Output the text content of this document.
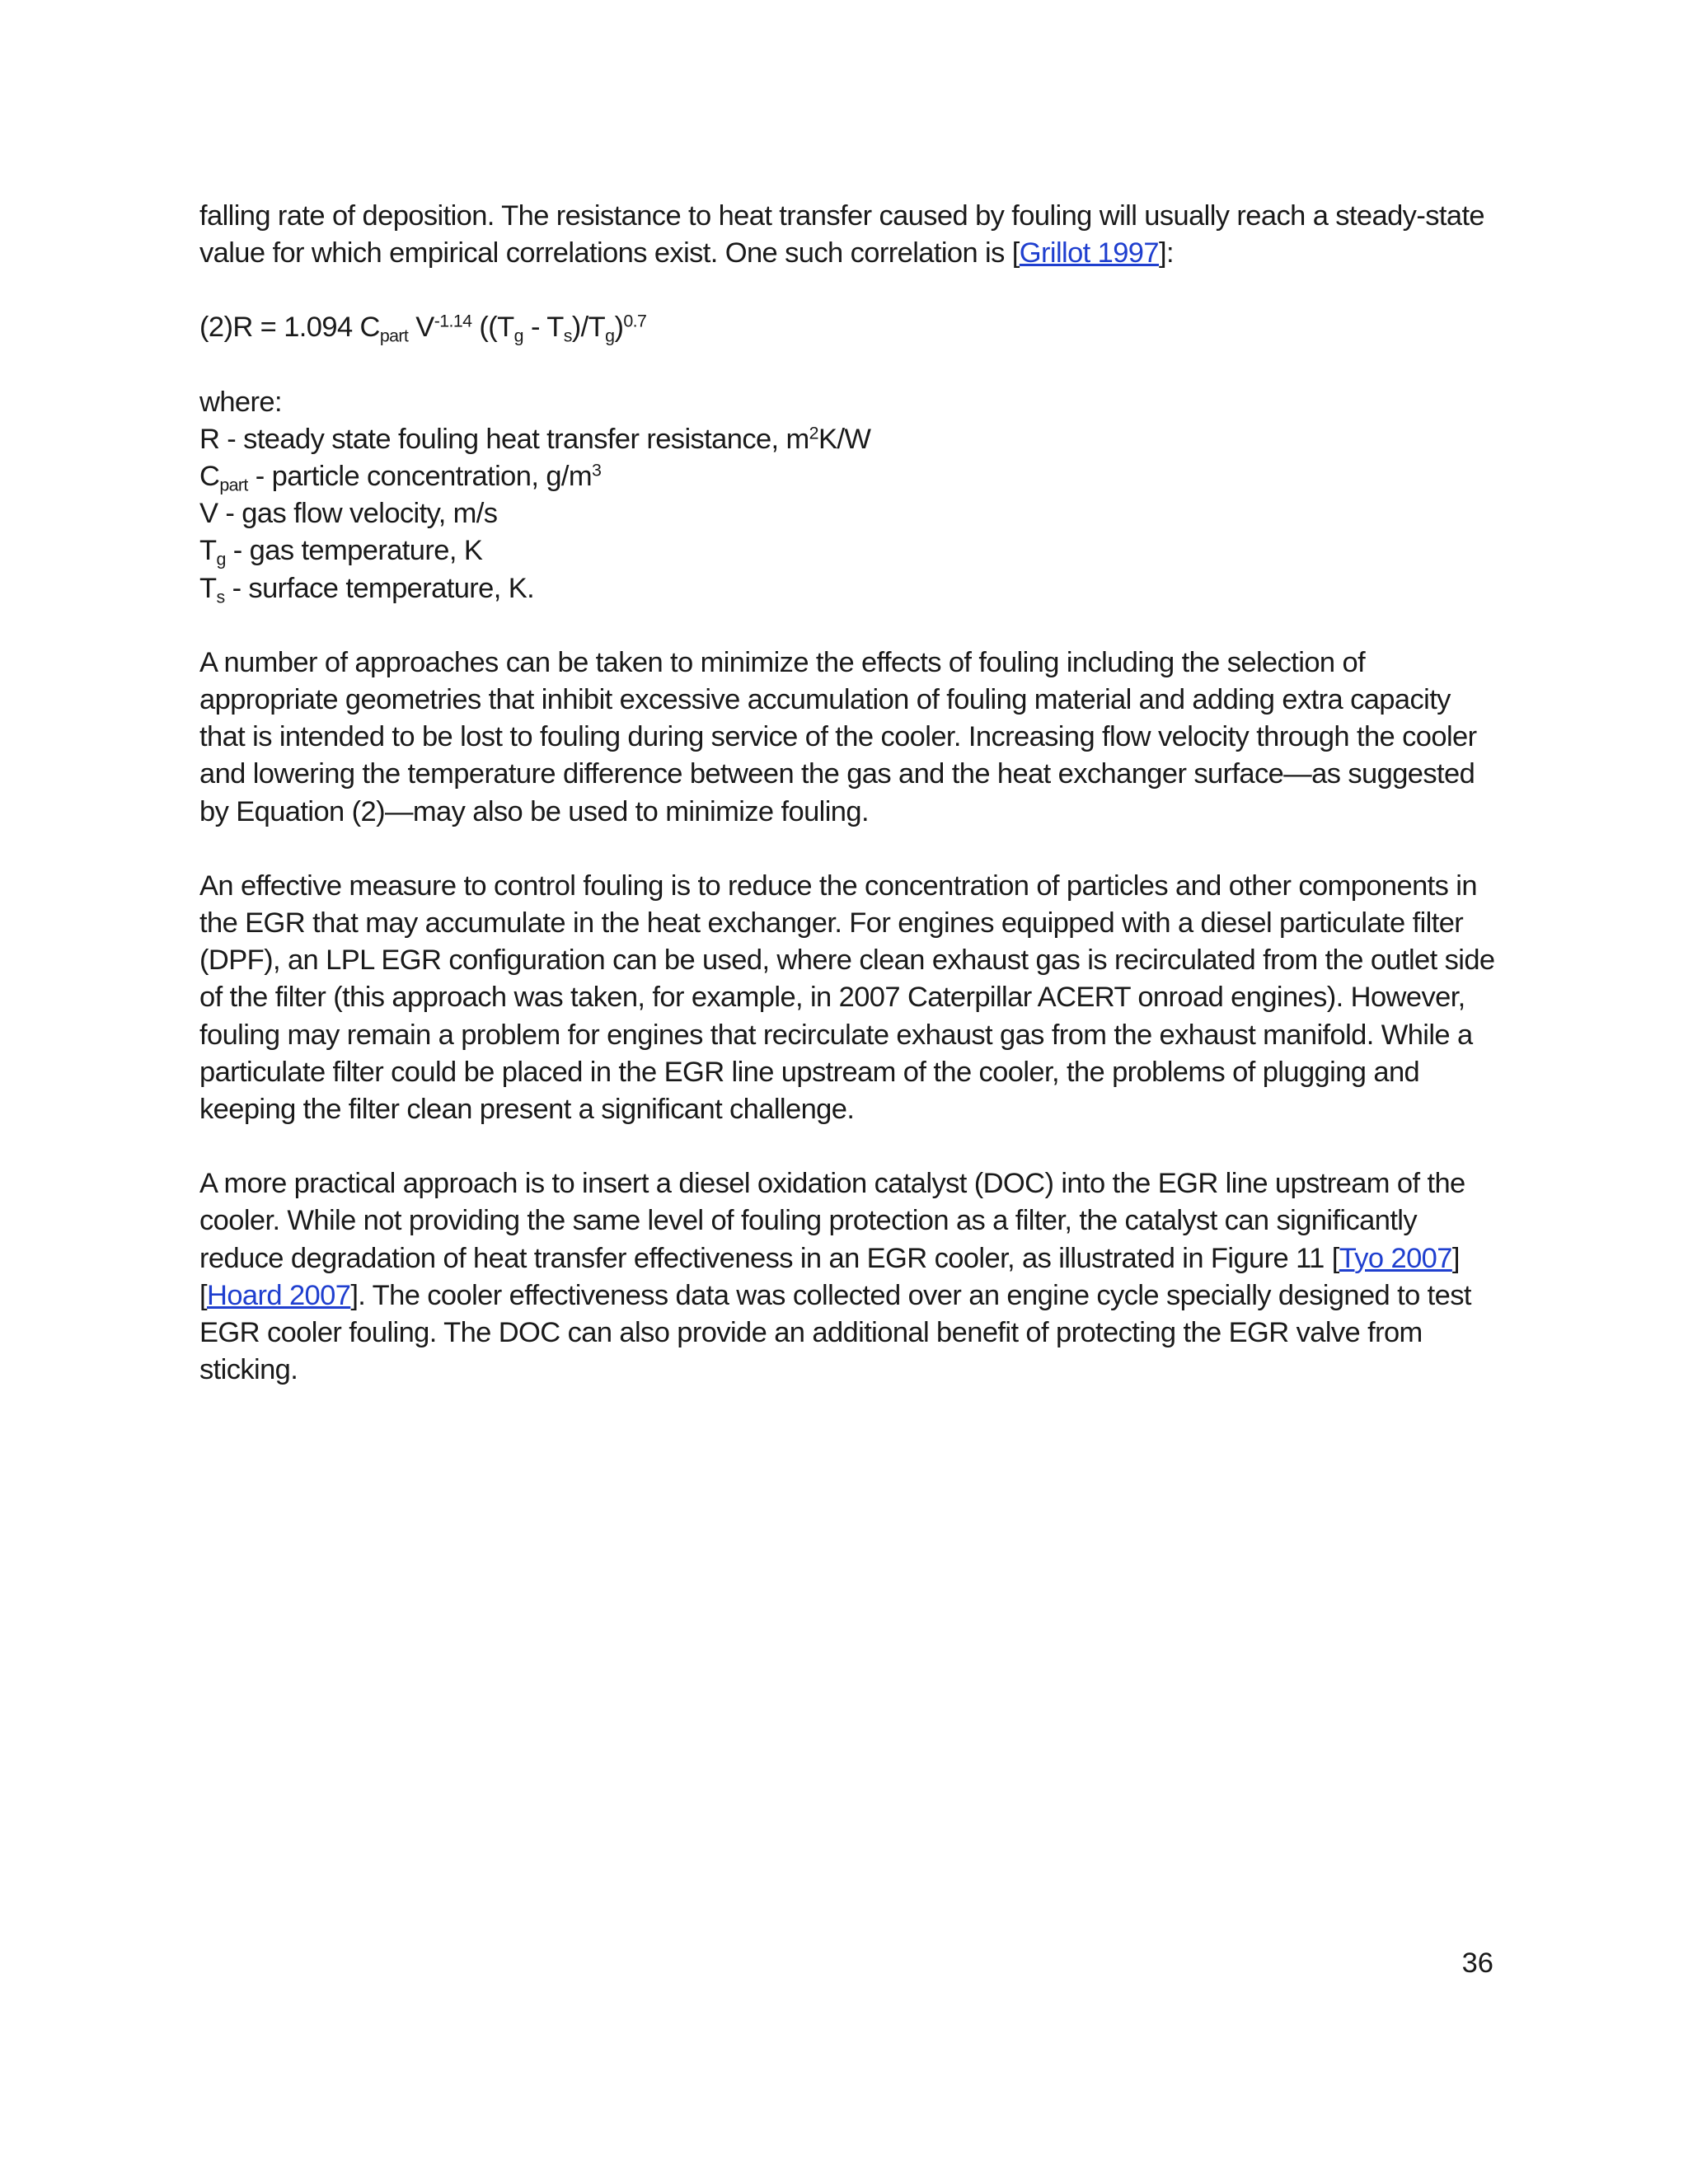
falling rate of deposition. The resistance to heat transfer caused by fouling will usually reach a steady-state value for which empirical correlations exist. One such correlation is [Grillot 1997]:

(2)R = 1.094 $C_{part}$ $V^{-1.14}$ $((T_g - T_s)/T_g)^{0.7}$

where:

R - steady state fouling heat transfer resistance, $m^2K/W$

$C_{part}$ - particle concentration, $g/m^3$

V - gas flow velocity, m/s

$T_g$ - gas temperature, K

$T_s$ - surface temperature, K.

A number of approaches can be taken to minimize the effects of fouling including the selection of appropriate geometries that inhibit excessive accumulation of fouling material and adding extra capacity that is intended to be lost to fouling during service of the cooler. Increasing flow velocity through the cooler and lowering the temperature difference between the gas and the heat exchanger surface—as suggested by Equation (2)—may also be used to minimize fouling.

An effective measure to control fouling is to reduce the concentration of particles and other components in the EGR that may accumulate in the heat exchanger. For engines equipped with a diesel particulate filter (DPF), an LPL EGR configuration can be used, where clean exhaust gas is recirculated from the outlet side of the filter (this approach was taken, for example, in 2007 Caterpillar ACERT onroad engines). However, fouling may remain a problem for engines that recirculate exhaust gas from the exhaust manifold. While a particulate filter could be placed in the EGR line upstream of the cooler, the problems of plugging and keeping the filter clean present a significant challenge.

A more practical approach is to insert a diesel oxidation catalyst (DOC) into the EGR line upstream of the cooler. While not providing the same level of fouling protection as a filter, the catalyst can significantly reduce degradation of heat transfer effectiveness in an EGR cooler, as illustrated in Figure 11 [Tyo 2007][Hoard 2007]. The cooler effectiveness data was collected over an engine cycle specially designed to test EGR cooler fouling. The DOC can also provide an additional benefit of protecting the EGR valve from sticking.

36
